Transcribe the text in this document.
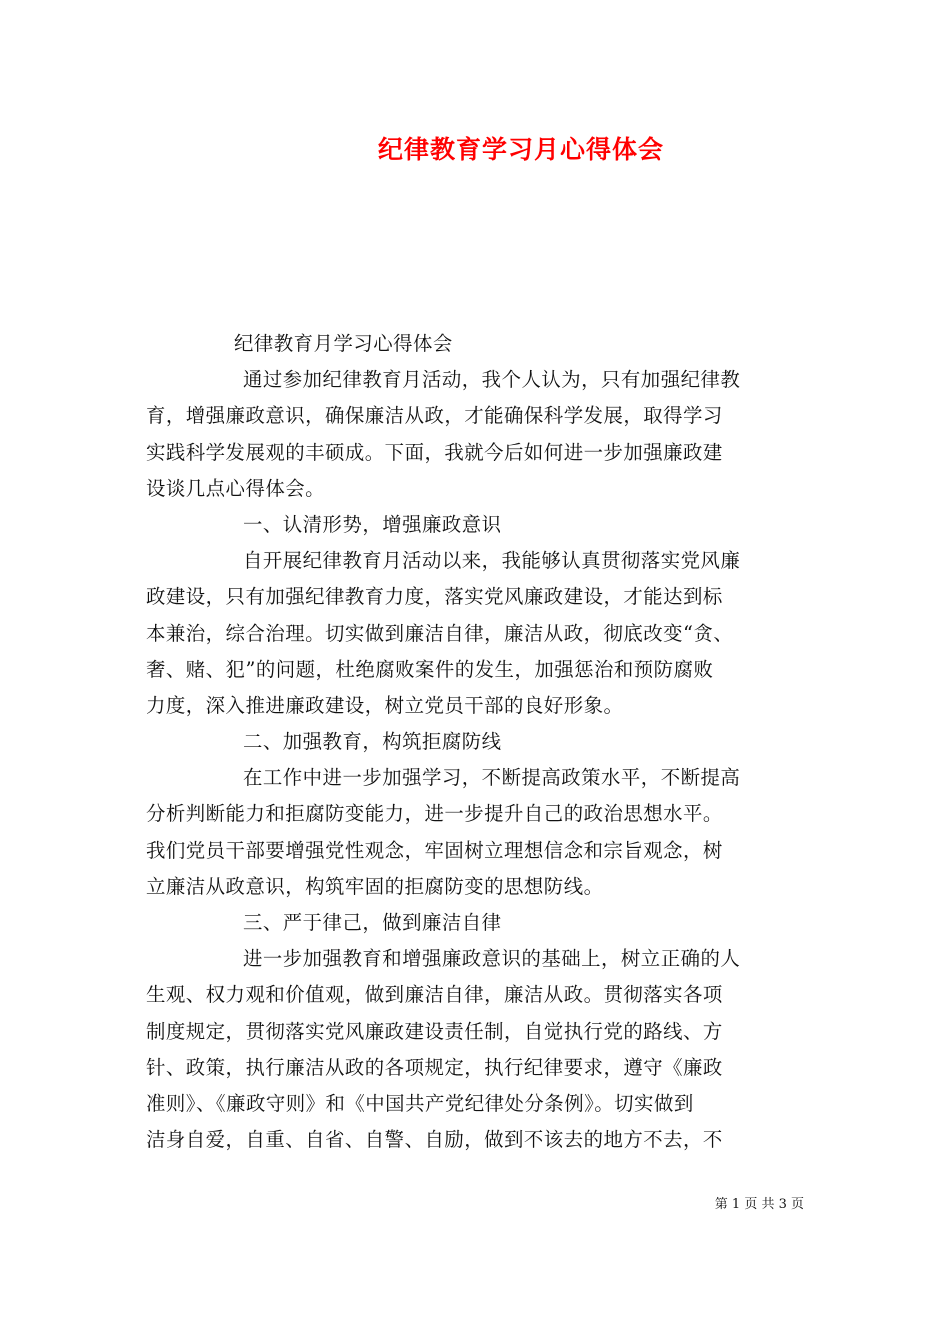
纪律教育学习月心得体会
纪律教育月学习心得体会
通过参加纪律教育月活动，我个人认为，只有加强纪律教
育，增强廉政意识，确保廉洁从政，才能确保科学发展，取得学习
实践科学发展观的丰硕成。下面，我就今后如何进一步加强廉政建
设谈几点心得体会。
一、认清形势，增强廉政意识
自开展纪律教育月活动以来，我能够认真贯彻落实党风廉
政建设，只有加强纪律教育力度，落实党风廉政建设，才能达到标
本兼治，综合治理。切实做到廉洁自律，廉洁从政，彻底改变“贪、
奢、赌、犯”的问题，杜绝腐败案件的发生，加强惩治和预防腐败
力度，深入推进廉政建设，树立党员干部的良好形象。
二、加强教育，构筑拒腐防线
在工作中进一步加强学习，不断提高政策水平，不断提高
分析判断能力和拒腐防变能力，进一步提升自己的政治思想水平。
我们党员干部要增强党性观念，牢固树立理想信念和宗旨观念，树
立廉洁从政意识，构筑牢固的拒腐防变的思想防线。
三、严于律己，做到廉洁自律
进一步加强教育和增强廉政意识的基础上，树立正确的人
生观、权力观和价值观，做到廉洁自律，廉洁从政。贯彻落实各项
制度规定，贯彻落实党风廉政建设责任制，自觉执行党的路线、方
针、政策，执行廉洁从政的各项规定，执行纪律要求，遵守《廉政
准则》、《廉政守则》和《中国共产党纪律处分条例》。切实做到
洁身自爱，自重、自省、自警、自励，做到不该去的地方不去，不
第 1 页 共 3 页
